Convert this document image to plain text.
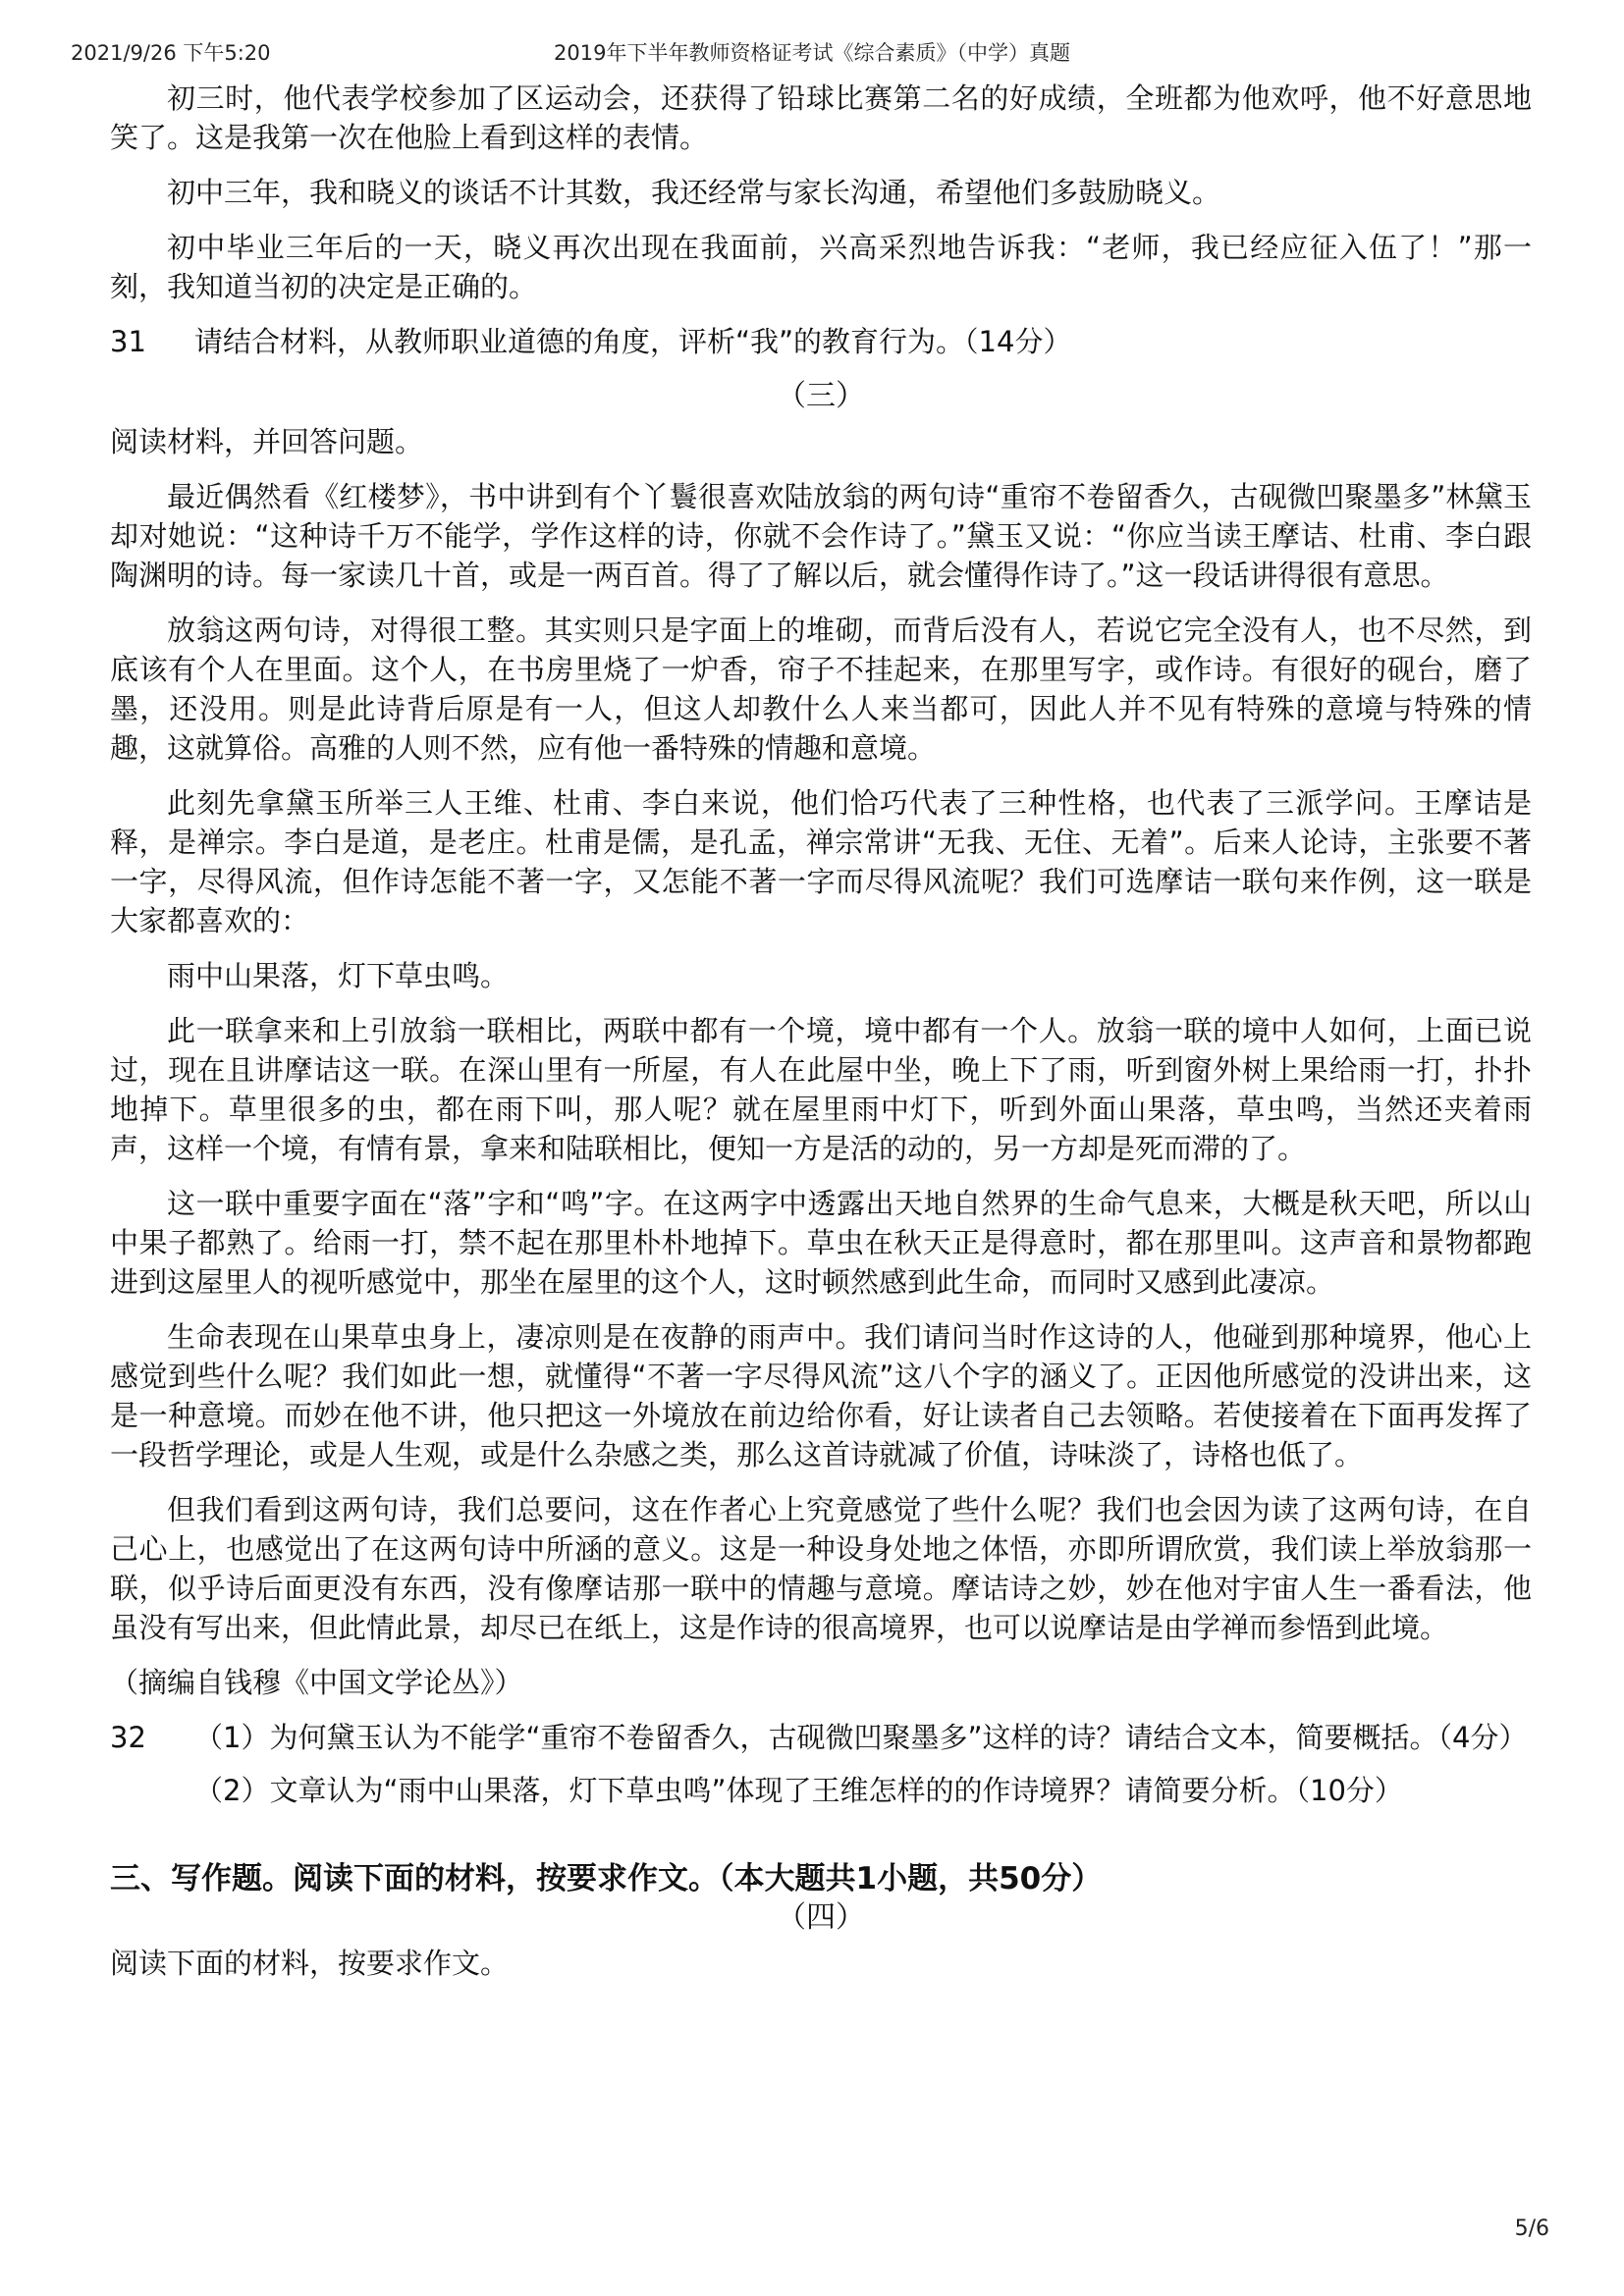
2021/9/26 下午5:20	2019年下半年教师资格证考试《综合素质》（中学）真题

初三时，他代表学校参加了区运动会，还获得了铅球比赛第二名的好成绩，全班都为他欢呼，他不好意思地笑了。这是我第一次在他脸上看到这样的表情。

初中三年，我和晓义的谈话不计其数，我还经常与家长沟通，希望他们多鼓励晓义。

初中毕业三年后的一天，晓义再次出现在我面前，兴高采烈地告诉我：“老师，我已经应征入伍了！”那一刻，我知道当初的决定是正确的。

31 请结合材料，从教师职业道德的角度，评析“我”的教育行为。（14分）
（三）

阅读材料，并回答问题。

最近偶然看《红楼梦》，书中讲到有个丫鬟很喜欢陆放翁的两句诗“重帘不卷留香久，古砚微凹聚墨多”林黛玉却对她说：“这种诗千万不能学，学作这样的诗，你就不会作诗了。”黛玉又说：“你应当读王摩诘、杜甫、李白跟陶渊明的诗。每一家读几十首，或是一两百首。得了了解以后，就会懂得作诗了。”这一段话讲得很有意思。

放翁这两句诗，对得很工整。其实则只是字面上的堆砌，而背后没有人，若说它完全没有人，也不尽然，到底该有个人在里面。这个人，在书房里烧了一炉香，帘子不挂起来，在那里写字，或作诗。有很好的砚台，磨了墨，还没用。则是此诗背后原是有一人，但这人却教什么人来当都可，因此人并不见有特殊的意境与特殊的情趣，这就算俗。高雅的人则不然，应有他一番特殊的情趣和意境。

此刻先拿黛玉所举三人王维、杜甫、李白来说，他们恰巧代表了三种性格，也代表了三派学问。王摩诘是释，是禅宗。李白是道，是老庄。杜甫是儒，是孔孟，禅宗常讲“无我、无住、无着”。后来人论诗，主张要不著一字，尽得风流，但作诗怎能不著一字，又怎能不著一字而尽得风流呢？我们可选摩诘一联句来作例，这一联是大家都喜欢的：

雨中山果落，灯下草虫鸣。

此一联拿来和上引放翁一联相比，两联中都有一个境，境中都有一个人。放翁一联的境中人如何，上面已说过，现在且讲摩诘这一联。在深山里有一所屋，有人在此屋中坐，晚上下了雨，听到窗外树上果给雨一打，扑扑地掉下。草里很多的虫，都在雨下叫，那人呢？就在屋里雨中灯下，听到外面山果落，草虫鸣，当然还夹着雨声，这样一个境，有情有景，拿来和陆联相比，便知一方是活的动的，另一方却是死而滞的了。

这一联中重要字面在“落”字和“鸣”字。在这两字中透露出天地自然界的生命气息来，大概是秋天吧，所以山中果子都熟了。给雨一打，禁不起在那里朴朴地掉下。草虫在秋天正是得意时，都在那里叫。这声音和景物都跑进到这屋里人的视听感觉中，那坐在屋里的这个人，这时顿然感到此生命，而同时又感到此凄凉。

生命表现在山果草虫身上，凄凉则是在夜静的雨声中。我们请问当时作这诗的人，他碰到那种境界，他心上感觉到些什么呢？我们如此一想，就懂得“不著一字尽得风流”这八个字的涵义了。正因他所感觉的没讲出来，这是一种意境。而妙在他不讲，他只把这一外境放在前边给你看，好让读者自己去领略。若使接着在下面再发挥了一段哲学理论，或是人生观，或是什么杂感之类，那么这首诗就减了价值，诗味淡了，诗格也低了。

但我们看到这两句诗，我们总要问，这在作者心上究竟感觉了些什么呢？我们也会因为读了这两句诗，在自己心上，也感觉出了在这两句诗中所涵的意义。这是一种设身处地之体悟，亦即所谓欣赏，我们读上举放翁那一联，似乎诗后面更没有东西，没有像摩诘那一联中的情趣与意境。摩诘诗之妙，妙在他对宇宙人生一番看法，他虽没有写出来，但此情此景，却尽已在纸上，这是作诗的很高境界，也可以说摩诘是由学禅而参悟到此境。

（摘编自钱穆《中国文学论丛》）

32 （1）为何黛玉认为不能学“重帘不卷留香久，古砚微凹聚墨多”这样的诗？请结合文本，简要概括。（4分）
（2）文章认为“雨中山果落，灯下草虫鸣”体现了王维怎样的的作诗境界？请简要分析。（10分）
三、写作题。阅读下面的材料，按要求作文。（本大题共1小题，共50分）
（四）

阅读下面的材料，按要求作文。

5/6
